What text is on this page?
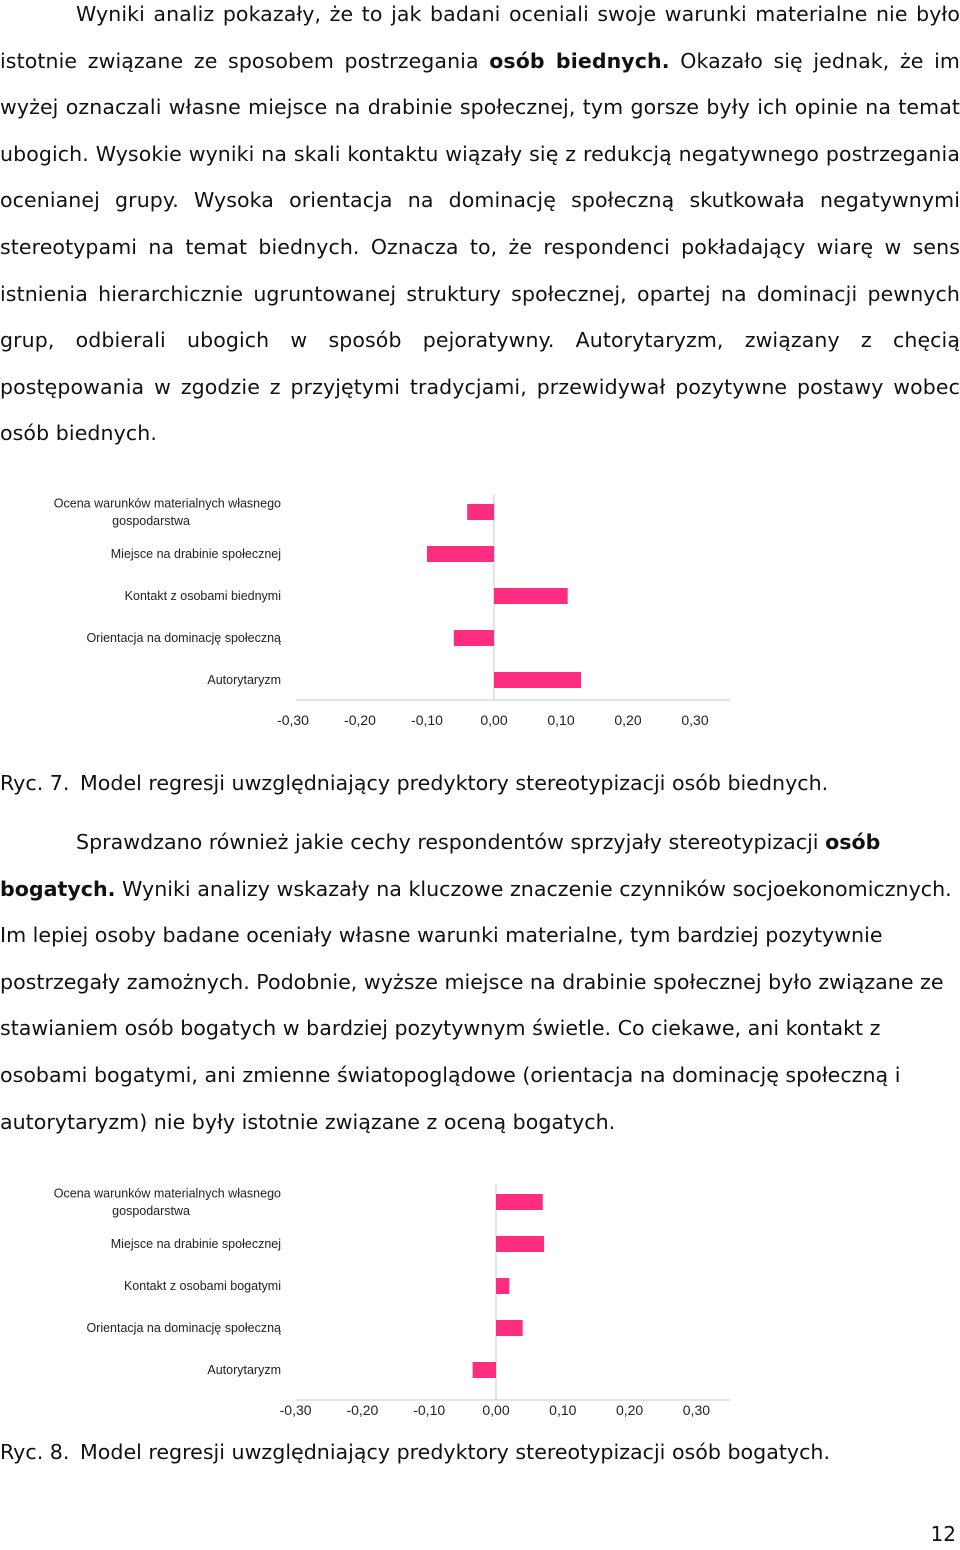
Wyniki analiz pokazały, że to jak badani oceniali swoje warunki materialne nie było istotnie związane ze sposobem postrzegania osób biednych. Okazało się jednak, że im wyżej oznaczali własne miejsce na drabinie społecznej, tym gorsze były ich opinie na temat ubogich. Wysokie wyniki na skali kontaktu wiązały się z redukcją negatywnego postrzegania ocenianej grupy. Wysoka orientacja na dominację społeczną skutkowała negatywnymi stereotypami na temat biednych. Oznacza to, że respondenci pokładający wiarę w sens istnienia hierarchicznie ugruntowanej struktury społecznej, opartej na dominacji pewnych grup, odbierali ubogich w sposób pejoratywny. Autorytaryzm, związany z chęcią postępowania w zgodzie z przyjętymi tradycjami, przewidywał pozytywne postawy wobec osób biednych.

Ocena warunków materialnych własnego
gospodarstwa
Miejsce na drabinie społecznej
Kontakt z osobami biednymi
Orientacja na dominację społeczną
Autorytaryzm
-0,30	-0,20	-0,10	0,00	0,10	0,20	0,30

Ryc. 7. Model regresji uwzględniający predyktory stereotypizacji osób biednych.

Sprawdzano również jakie cechy respondentów sprzyjały stereotypizacji osób bogatych. Wyniki analizy wskazały na kluczowe znaczenie czynników socjoekonomicznych. Im lepiej osoby badane oceniały własne warunki materialne, tym bardziej pozytywnie postrzegały zamożnych. Podobnie, wyższe miejsce na drabinie społecznej było związane ze stawianiem osób bogatych w bardziej pozytywnym świetle. Co ciekawe, ani kontakt z osobami bogatymi, ani zmienne światopoglądowe (orientacja na dominację społeczną i autorytaryzm) nie były istotnie związane z oceną bogatych.

Ocena warunków materialnych własnego
gospodarstwa
Miejsce na drabinie społecznej
Kontakt z osobami bogatymi
Orientacja na dominację społeczną
Autorytaryzm
-0,30 -0,20 -0,10	0,00	0,10	0,20	0,30

Ryc. 8. Model regresji uwzględniający predyktory stereotypizacji osób bogatych.

12
